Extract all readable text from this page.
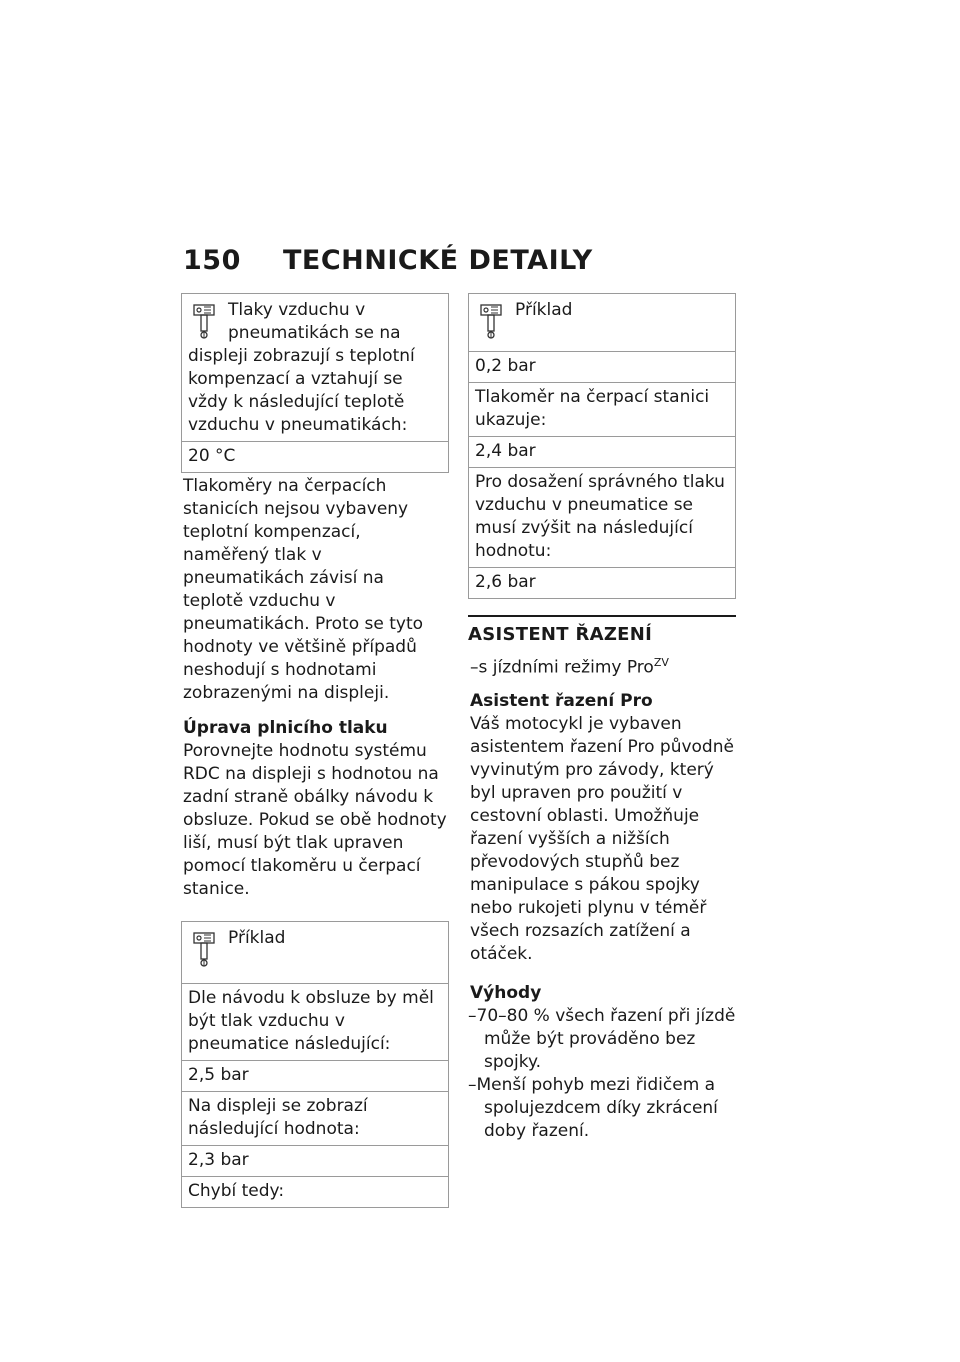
150	TECHNICKÉ DETAILY
Tlaky vzduchu v pneumatikách se na displeji zobrazují s teplotní kompenzací a vztahují se vždy k následující teplotě vzduchu v pneumatikách:
20 °C

Tlakoměry na čerpacích stanicích nejsou vybaveny teplotní kompenzací, naměřený tlak v pneumatikách závisí na teplotě vzduchu v pneumatikách. Proto se tyto hodnoty ve většině případů neshodují s hodnotami zobrazenými na displeji.

Úprava plnicího tlaku

Porovnejte hodnotu systému RDC na displeji s hodnotou na zadní straně obálky návodu k obsluze. Pokud se obě hodnoty liší, musí být tlak upraven pomocí tlakoměru u čerpací stanice.

Příklad
Dle návodu k obsluze by měl být tlak vzduchu v pneumatice následující:
2,5 bar
Na displeji se zobrazí následující hodnota:
2,3 bar
Chybí tedy:
Příklad
0,2 bar
Tlakoměr na čerpací stanici ukazuje:
2,4 bar
Pro dosažení správného tlaku vzduchu v pneumatice se musí zvýšit na následující hodnotu:
2,6 bar
ASISTENT ŘAZENÍ
–s jízdními režimy Pro$^{ZV}$
Asistent řazení Pro

Váš motocykl je vybaven asistentem řazení Pro původně vyvinutým pro závody, který byl upraven pro použití v cestovní oblasti. Umožňuje řazení vyšších a nižších převodových stupňů bez manipulace s pákou spojky nebo rukojeti plynu v téměř všech rozsazích zatížení a otáček.

Výhody
–70–80 % všech řazení při jízdě může být prováděno bez spojky.
–Menší pohyb mezi řidičem a spolujezdcem díky zkrácení doby řazení.
